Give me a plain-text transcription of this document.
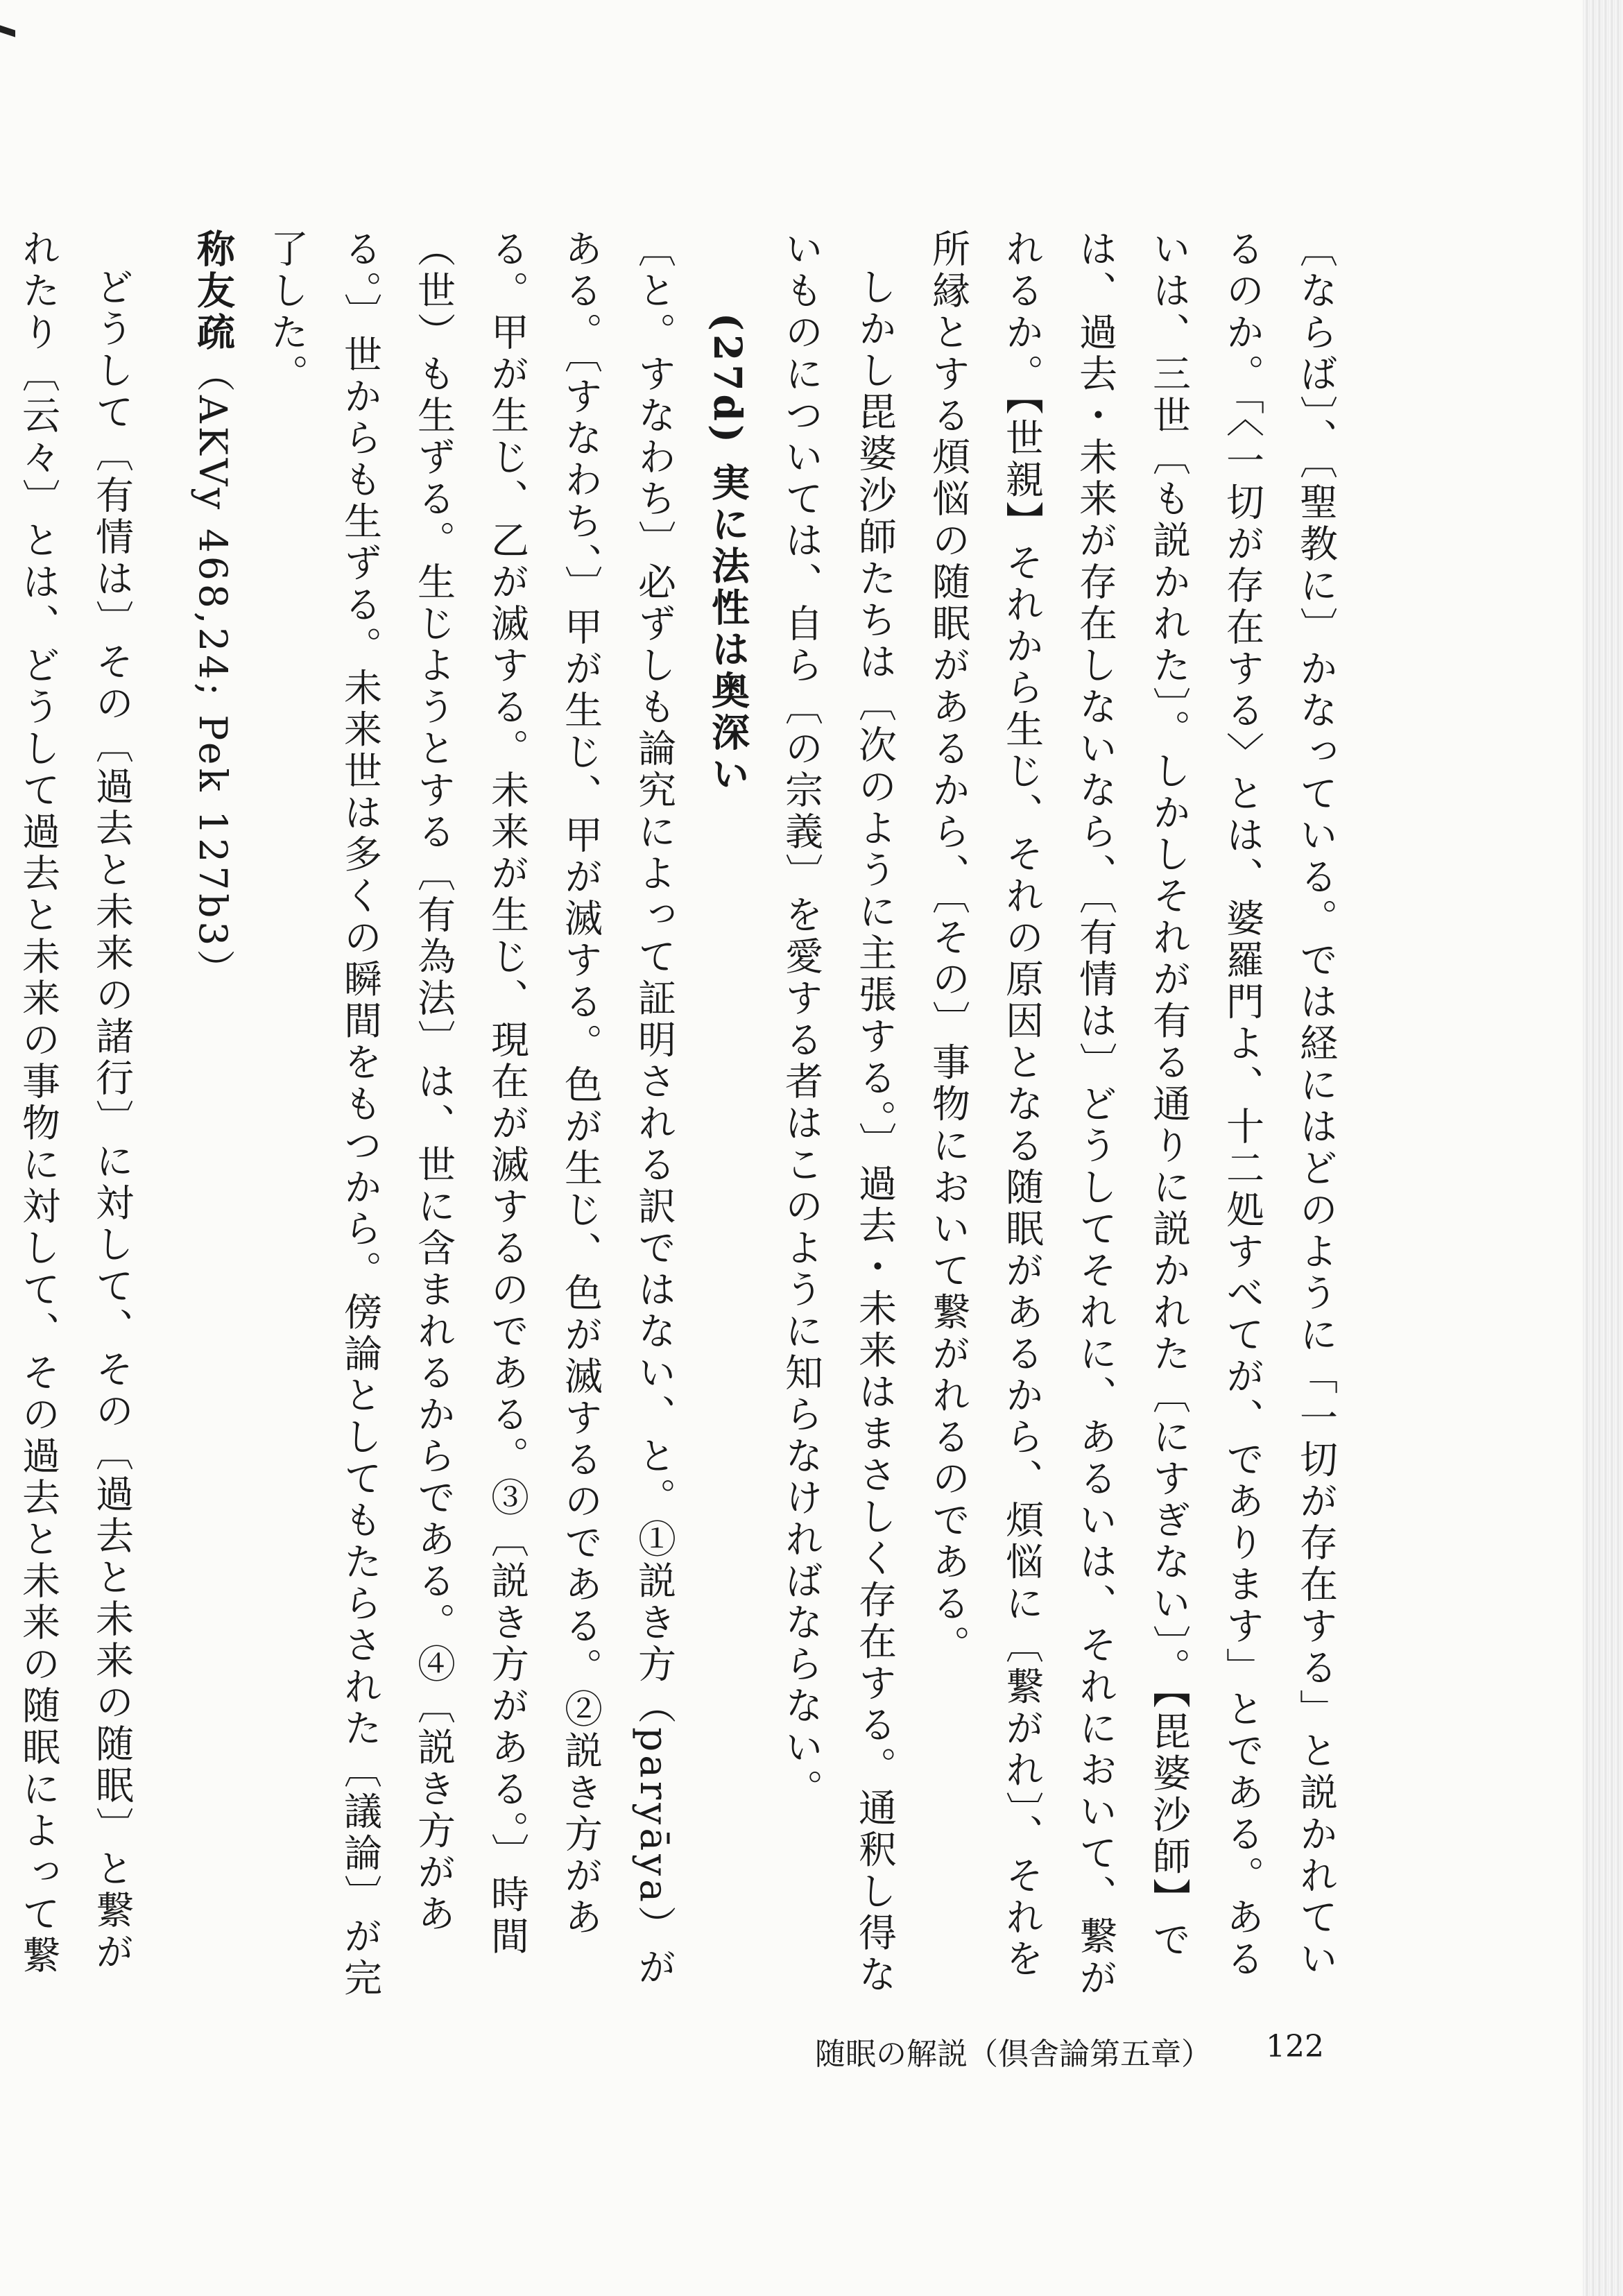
〔ならば〕、〔聖教に〕かなっている。では経にはどのように「一切が存在する」と説かれているのか。「〈一切が存在する〉とは、婆羅門よ、十二処すべてが、であります」とである。あるいは、三世〔も説かれた〕。しかしそれが有る通りに説かれた〔にすぎない〕。【毘婆沙師】では、過去・未来が存在しないなら、〔有情は〕どうしてそれに、あるいは、それにおいて、繋がれるか。【世親】それから生じ、それの原因となる随眠があるから、煩悩に〔繋がれ〕、それを所縁とする煩悩の随眠があるから、〔その〕事物において繋がれるのである。

しかし毘婆沙師たちは〔次のように主張する。〕過去・未来はまさしく存在する。通釈し得ないものについては、自ら〔の宗義〕を愛する者はこのように知らなければならない。

(27d) 実に法性は奥深い

〔と。すなわち〕必ずしも論究によって証明される訳ではない、と。①説き方（paryāya）がある。〔すなわち、〕甲が生じ、甲が滅する。色が生じ、色が滅するのである。②説き方がある。甲が生じ、乙が滅する。未来が生じ、現在が滅するのである。③〔説き方がある。〕時間（世）も生ずる。生じようとする〔有為法〕は、世に含まれるからである。④〔説き方がある。〕世からも生ずる。未来世は多くの瞬間をもつから。傍論としてもたらされた〔議論〕が完了した。

称友疏（AKVy 468,24; Pek 127b3）

どうして〔有情は〕その〔過去と未来の諸行〕に対して、その〔過去と未来の随眠〕と繋がれたり〔云々〕とは、どうして過去と未来の事物に対して、その過去と未来の随眠によって繋

随眠の解説（倶舎論第五章） 122
